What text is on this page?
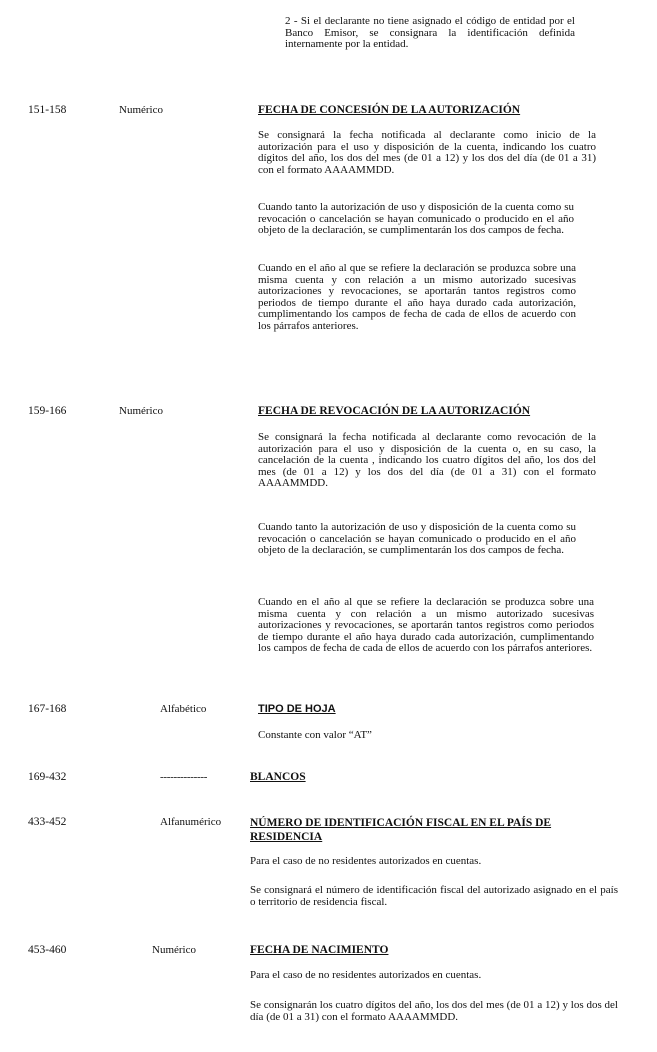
2 - Si el declarante no tiene asignado el código de entidad por el Banco Emisor, se consignara la identificación definida internamente por la entidad.
151-158	Numérico	FECHA DE CONCESIÓN DE LA AUTORIZACIÓN
Se consignará la fecha notificada al declarante como inicio de la autorización para el uso y disposición de la cuenta, indicando los cuatro dígitos del año, los dos del mes (de 01 a 12) y los dos del día (de 01 a 31) con el formato AAAAMMDD.
Cuando tanto la autorización de uso y disposición de la cuenta como su revocación o cancelación se hayan comunicado o producido en el año objeto de la declaración, se cumplimentarán los dos campos de fecha.
Cuando en el año al que se refiere la declaración se produzca sobre una misma cuenta y con relación a un mismo autorizado sucesivas autorizaciones y revocaciones, se aportarán tantos registros como periodos de tiempo durante el año haya durado cada autorización, cumplimentando los campos de fecha de cada de ellos de acuerdo con los párrafos anteriores.
159-166	Numérico	FECHA DE REVOCACIÓN DE LA AUTORIZACIÓN
Se consignará la fecha notificada al declarante como revocación de la autorización para el uso y disposición de la cuenta o, en su caso, la cancelación de la cuenta , indicando los cuatro dígitos del año, los dos del mes (de 01 a 12) y los dos del día (de 01 a 31) con el formato AAAAMMDD.
Cuando tanto la autorización de uso y disposición de la cuenta como su revocación o cancelación se hayan comunicado o producido en el año objeto de la declaración, se cumplimentarán los dos campos de fecha.
Cuando en el año al que se refiere la declaración se produzca sobre una misma cuenta y con relación a un mismo autorizado sucesivas autorizaciones y revocaciones, se aportarán tantos registros como periodos de tiempo durante el año haya durado cada autorización, cumplimentando los campos de fecha de cada de ellos de acuerdo con los párrafos anteriores.
167-168	Alfabético	TIPO DE HOJA
Constante con valor “AT”
169-432	--------------	BLANCOS
433-452	Alfanumérico	NÚMERO DE IDENTIFICACIÓN FISCAL EN EL PAÍS DE RESIDENCIA
Para el caso de no residentes autorizados en cuentas.
Se consignará el número de identificación fiscal del autorizado asignado en el país o territorio de residencia fiscal.
453-460	Numérico	FECHA DE NACIMIENTO
Para el caso de no residentes autorizados en cuentas.
Se consignarán los cuatro dígitos del año, los dos del mes (de 01 a 12) y los dos del día (de 01 a 31) con el formato AAAAMMDD.
